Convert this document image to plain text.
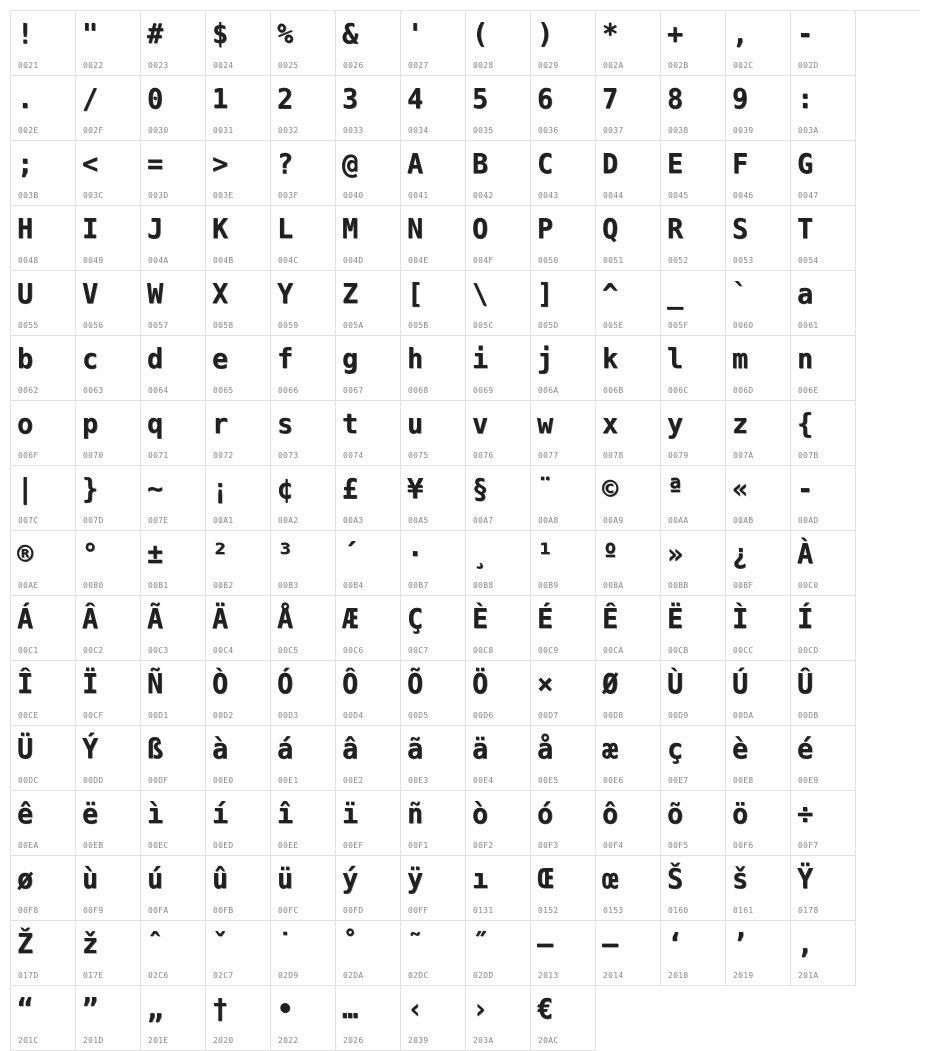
!
0021
"
0022
#
0023
$
0024
%
0025
&
0026
'
0027
(
0028
)
0029
*
002A
+
002B
,
002C
-
002D
.
002E
/
002F
0
0030
1
0031
2
0032
3
0033
4
0034
5
0035
6
0036
7
0037
8
0038
9
0039
:
003A
;
003B
<
003C
=
003D
>
003E
?
003F
@
0040
A
0041
B
0042
C
0043
D
0044
E
0045
F
0046
G
0047
H
0048
I
0049
J
004A
K
004B
L
004C
M
004D
N
004E
O
004F
P
0050
Q
0051
R
0052
S
0053
T
0054
U
0055
V
0056
W
0057
X
0058
Y
0059
Z
005A
[
005B
\
005C
]
005D
^
005E
_
005F
`
0060
a
0061
b
0062
c
0063
d
0064
e
0065
f
0066
g
0067
h
0068
i
0069
j
006A
k
006B
l
006C
m
006D
n
006E
o
006F
p
0070
q
0071
r
0072
s
0073
t
0074
u
0075
v
0076
w
0077
x
0078
y
0079
z
007A
{
007B
|
007C
}
007D
~
007E
¡
00A1
¢
00A2
£
00A3
¥
00A5
§
00A7
¨
00A8
©
00A9
ª
00AA
«
00AB
-
00AD
®
00AE
°
00B0
±
00B1
²
00B2
³
00B3
´
00B4
·
00B7
¸
00B8
¹
00B9
º
00BA
»
00BB
¿
00BF
À
00C0
Á
00C1
Â
00C2
Ã
00C3
Ä
00C4
Å
00C5
Æ
00C6
Ç
00C7
È
00C8
É
00C9
Ê
00CA
Ë
00CB
Ì
00CC
Í
00CD
Î
00CE
Ï
00CF
Ñ
00D1
Ò
00D2
Ó
00D3
Ô
00D4
Õ
00D5
Ö
00D6
×
00D7
Ø
00D8
Ù
00D9
Ú
00DA
Û
00DB
Ü
00DC
Ý
00DD
ß
00DF
à
00E0
á
00E1
â
00E2
ã
00E3
ä
00E4
å
00E5
æ
00E6
ç
00E7
è
00E8
é
00E9
ê
00EA
ë
00EB
ì
00EC
í
00ED
î
00EE
ï
00EF
ñ
00F1
ò
00F2
ó
00F3
ô
00F4
õ
00F5
ö
00F6
÷
00F7
ø
00F8
ù
00F9
ú
00FA
û
00FB
ü
00FC
ý
00FD
ÿ
00FF
ı
0131
Œ
0152
œ
0153
Š
0160
š
0161
Ÿ
0178
Ž
017D
ž
017E
ˆ
02C6
ˇ
02C7
˙
02D9
˚
02DA
˜
02DC
˝
02DD
–
2013
—
2014
‘
2018
’
2019
‚
201A
“
201C
”
201D
„
201E
†
2020
•
2022
…
2026
‹
2039
›
203A
€
20AC
